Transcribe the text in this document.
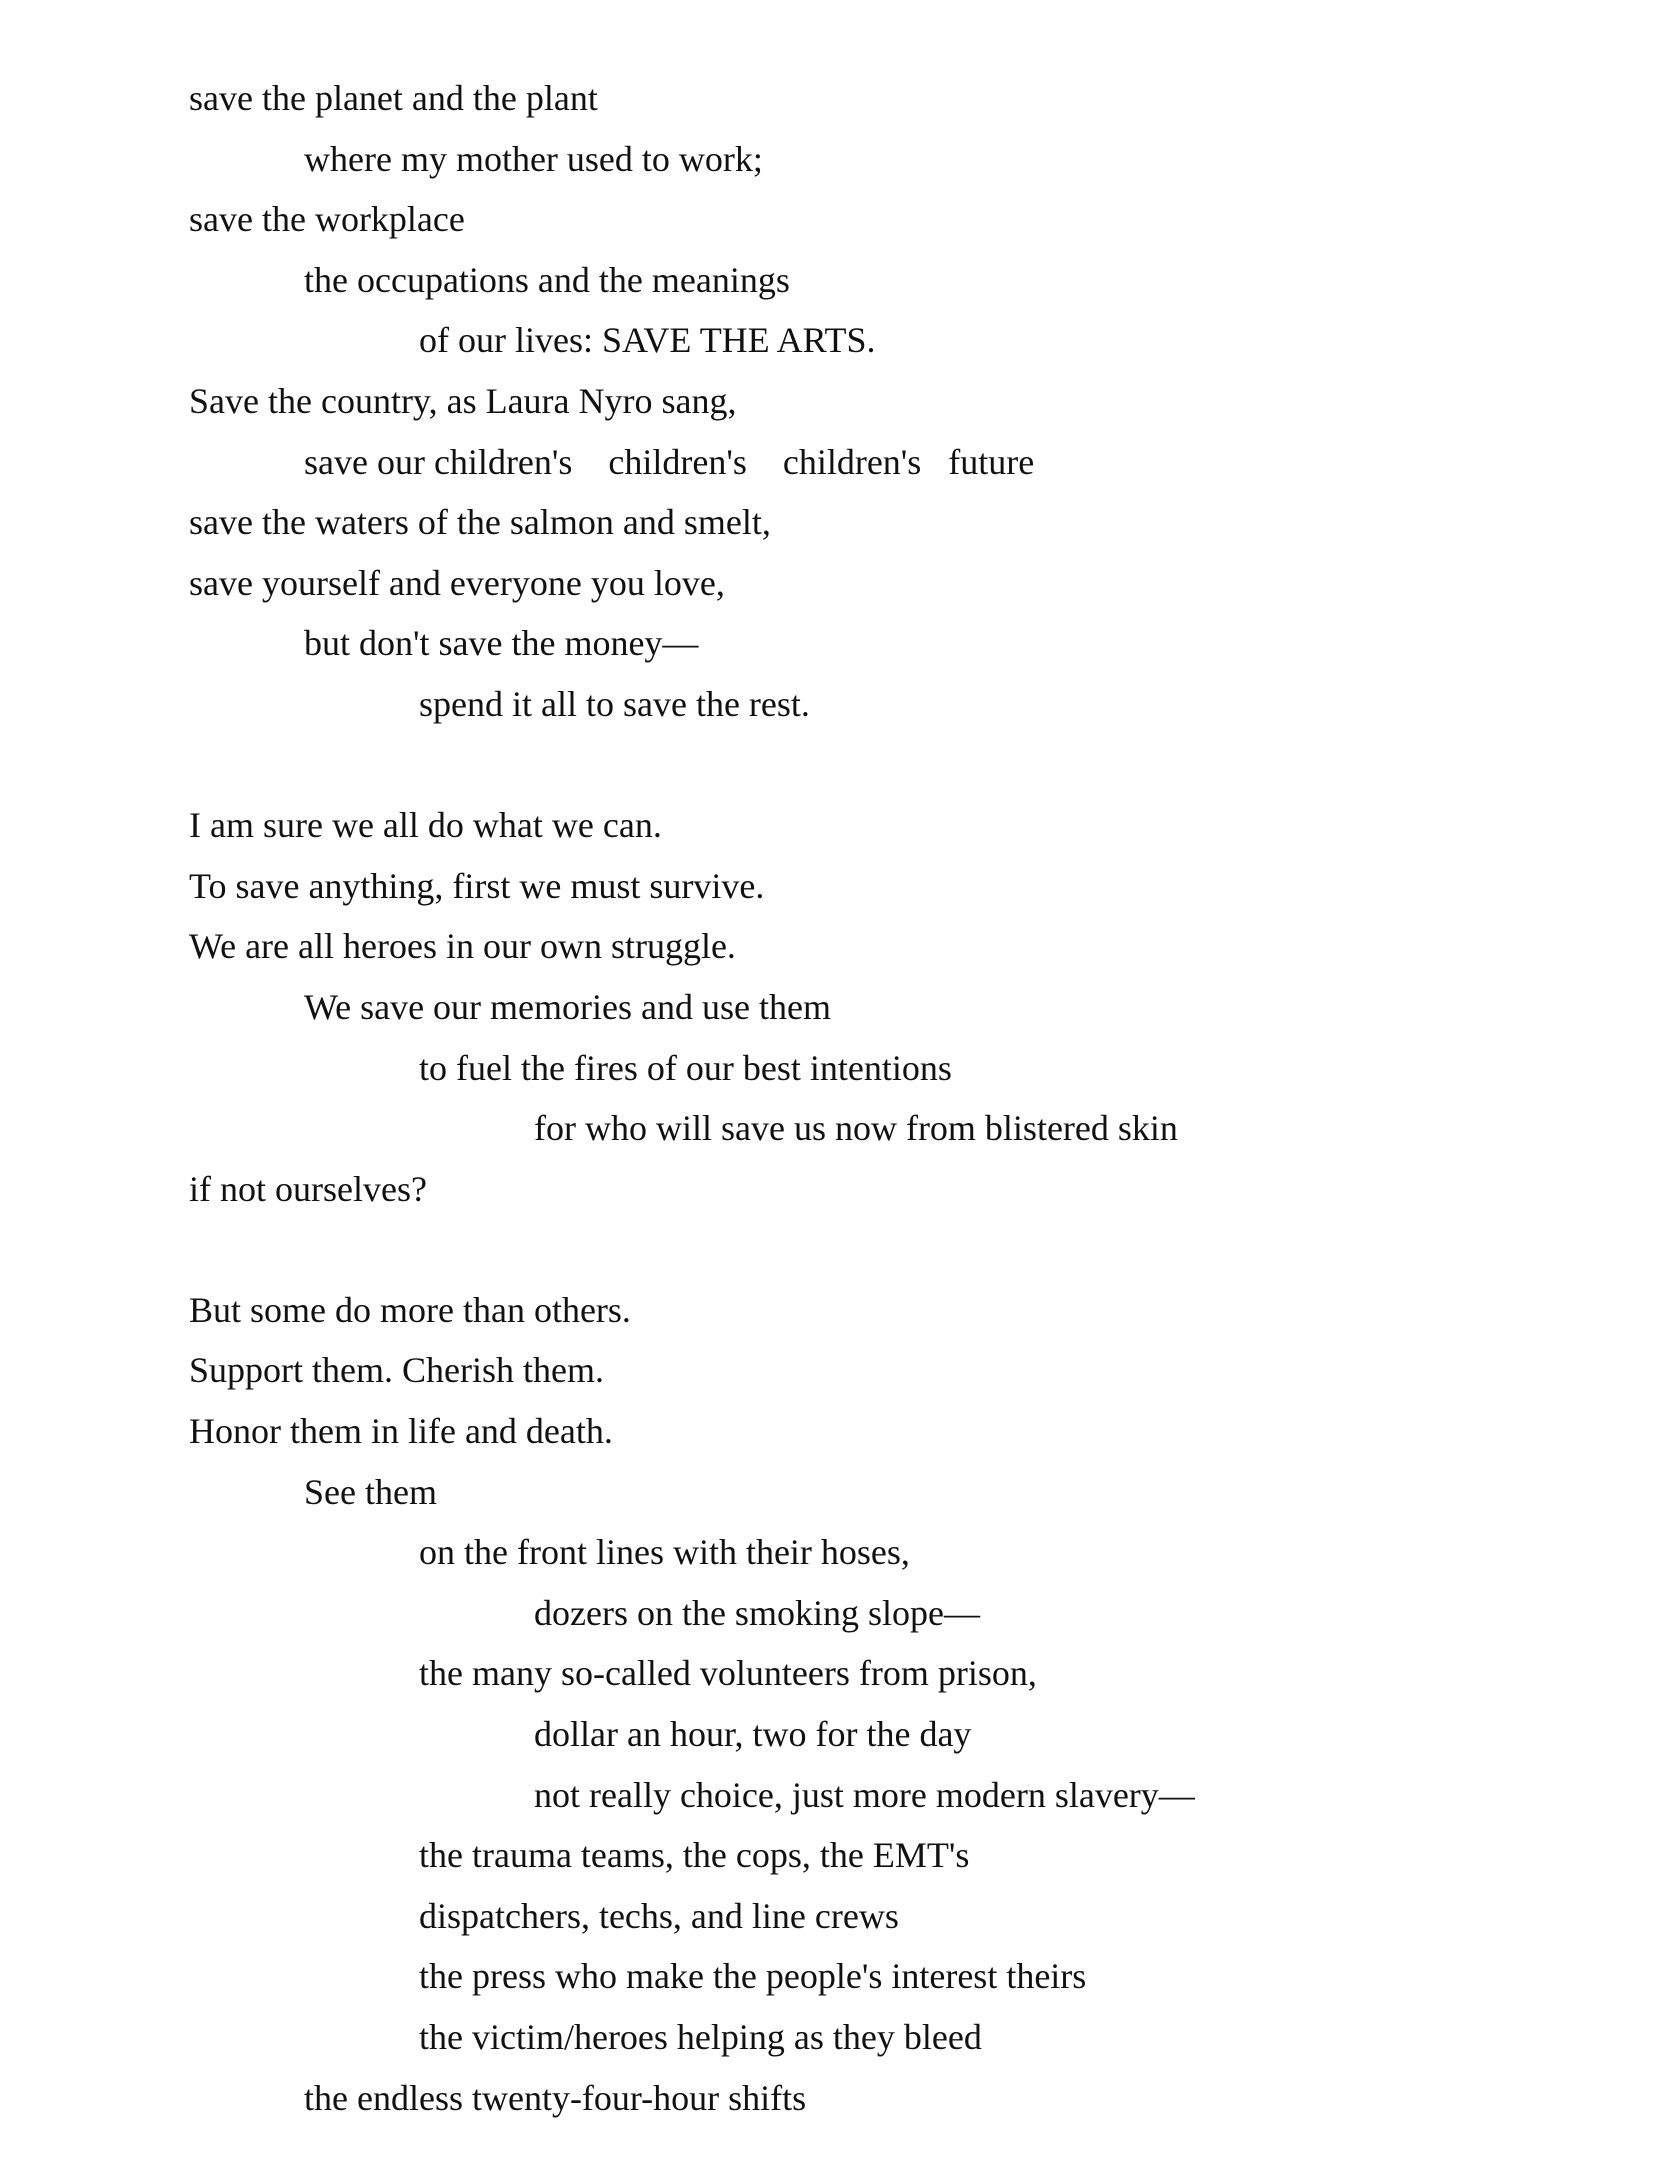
save the planet and the plant
where my mother used to work;
save the workplace
the occupations and the meanings
of our lives: SAVE THE ARTS.
Save the country, as Laura Nyro sang,
save our children's    children's    children's   future
save the waters of the salmon and smelt,
save yourself and everyone you love,
but don't save the money—
spend it all to save the rest.
I am sure we all do what we can.
To save anything, first we must survive.
We are all heroes in our own struggle.
We save our memories and use them
to fuel the fires of our best intentions
for who will save us now from blistered skin
if not ourselves?
But some do more than others.
Support them. Cherish them.
Honor them in life and death.
See them
on the front lines with their hoses,
dozers on the smoking slope—
the many so-called volunteers from prison,
dollar an hour, two for the day
not really choice, just more modern slavery—
the trauma teams, the cops, the EMT's
dispatchers, techs, and line crews
the press who make the people's interest theirs
the victim/heroes helping as they bleed
the endless twenty-four-hour shifts
